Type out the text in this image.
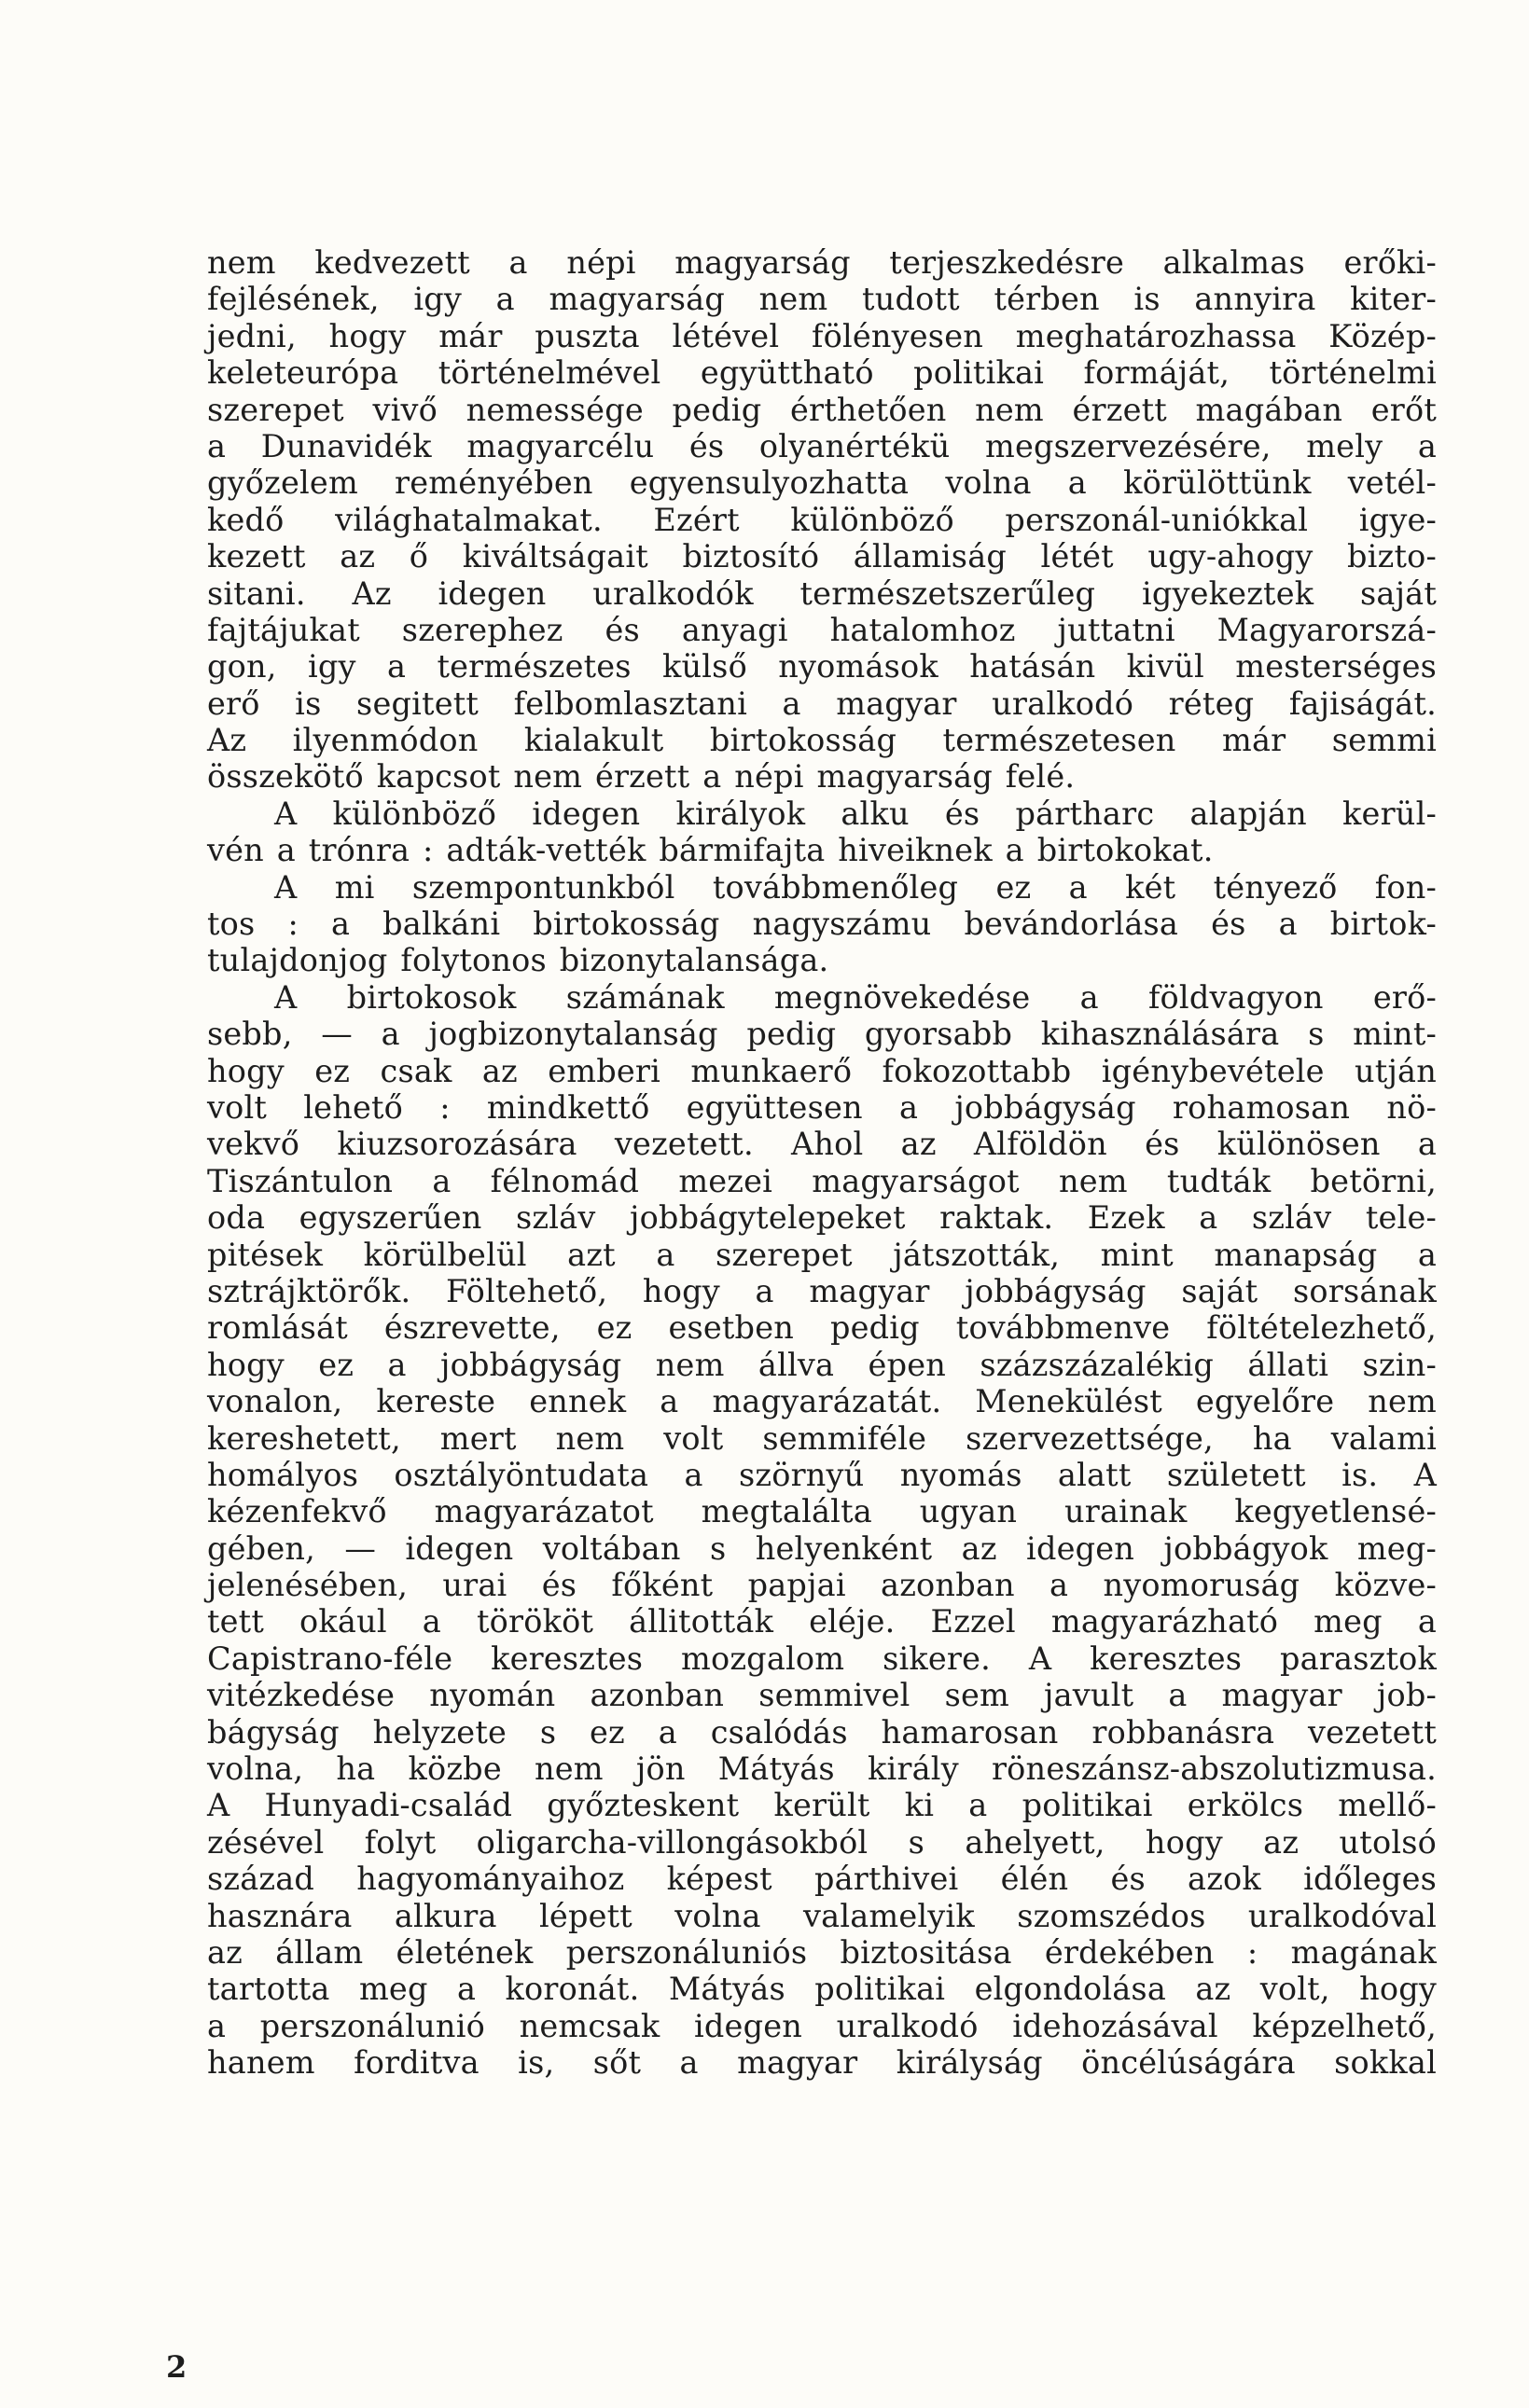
nem kedvezett a népi magyarság terjeszkedésre alkalmas erőki-
fejlésének, igy a magyarság nem tudott térben is annyira kiter-
jedni, hogy már puszta létével fölényesen meghatározhassa Közép-
keleteurópa történelmével együttható politikai formáját, történelmi
szerepet vivő nemessége pedig érthetően nem érzett magában erőt
a Dunavidék magyarcélu és olyanértékü megszervezésére, mely a
győzelem reményében egyensulyozhatta volna a körülöttünk vetél-
kedő világhatalmakat. Ezért különböző perszonál-uniókkal igye-
kezett az ő kiváltságait biztosító államiság létét ugy-ahogy bizto-
sitani. Az idegen uralkodók természetszerűleg igyekeztek saját
fajtájukat szerephez és anyagi hatalomhoz juttatni Magyarorszá-
gon, igy a természetes külső nyomások hatásán kivül mesterséges
erő is segitett felbomlasztani a magyar uralkodó réteg fajiságát.
Az ilyenmódon kialakult birtokosság természetesen már semmi
összekötő kapcsot nem érzett a népi magyarság felé.
A különböző idegen királyok alku és pártharc alapján kerül-
vén a trónra : adták-vették bármifajta hiveiknek a birtokokat.
A mi szempontunkból továbbmenőleg ez a két tényező fon-
tos : a balkáni birtokosság nagyszámu bevándorlása és a birtok-
tulajdonjog folytonos bizonytalansága.
A birtokosok számának megnövekedése a földvagyon erő-
sebb, — a jogbizonytalanság pedig gyorsabb kihasználására s mint-
hogy ez csak az emberi munkaerő fokozottabb igénybevétele utján
volt lehető : mindkettő együttesen a jobbágyság rohamosan nö-
vekvő kiuzsorozására vezetett. Ahol az Alföldön és különösen a
Tiszántulon a félnomád mezei magyarságot nem tudták betörni,
oda egyszerűen szláv jobbágytelepeket raktak. Ezek a szláv tele-
pitések körülbelül azt a szerepet játszották, mint manapság a
sztrájktörők. Föltehető, hogy a magyar jobbágyság saját sorsának
romlását észrevette, ez esetben pedig továbbmenve föltételezhető,
hogy ez a jobbágyság nem állva épen százszázalékig állati szin-
vonalon, kereste ennek a magyarázatát. Menekülést egyelőre nem
kereshetett, mert nem volt semmiféle szervezettsége, ha valami
homályos osztályöntudata a szörnyű nyomás alatt született is. A
kézenfekvő magyarázatot megtalálta ugyan urainak kegyetlensé-
gében, — idegen voltában s helyenként az idegen jobbágyok meg-
jelenésében, urai és főként papjai azonban a nyomoruság közve-
tett okául a törököt állitották eléje. Ezzel magyarázható meg a
Capistrano-féle keresztes mozgalom sikere. A keresztes parasztok
vitézkedése nyomán azonban semmivel sem javult a magyar job-
bágyság helyzete s ez a csalódás hamarosan robbanásra vezetett
volna, ha közbe nem jön Mátyás király röneszánsz-abszolutizmusa.
A Hunyadi-család győzteskent került ki a politikai erkölcs mellő-
zésével folyt oligarcha-villongásokból s ahelyett, hogy az utolsó
század hagyományaihoz képest párthivei élén és azok időleges
hasznára alkura lépett volna valamelyik szomszédos uralkodóval
az állam életének perszonáluniós biztositása érdekében : magának
tartotta meg a koronát. Mátyás politikai elgondolása az volt, hogy
a perszonálunió nemcsak idegen uralkodó idehozásával képzelhető,
hanem forditva is, sőt a magyar királyság öncélúságára sokkal
2
